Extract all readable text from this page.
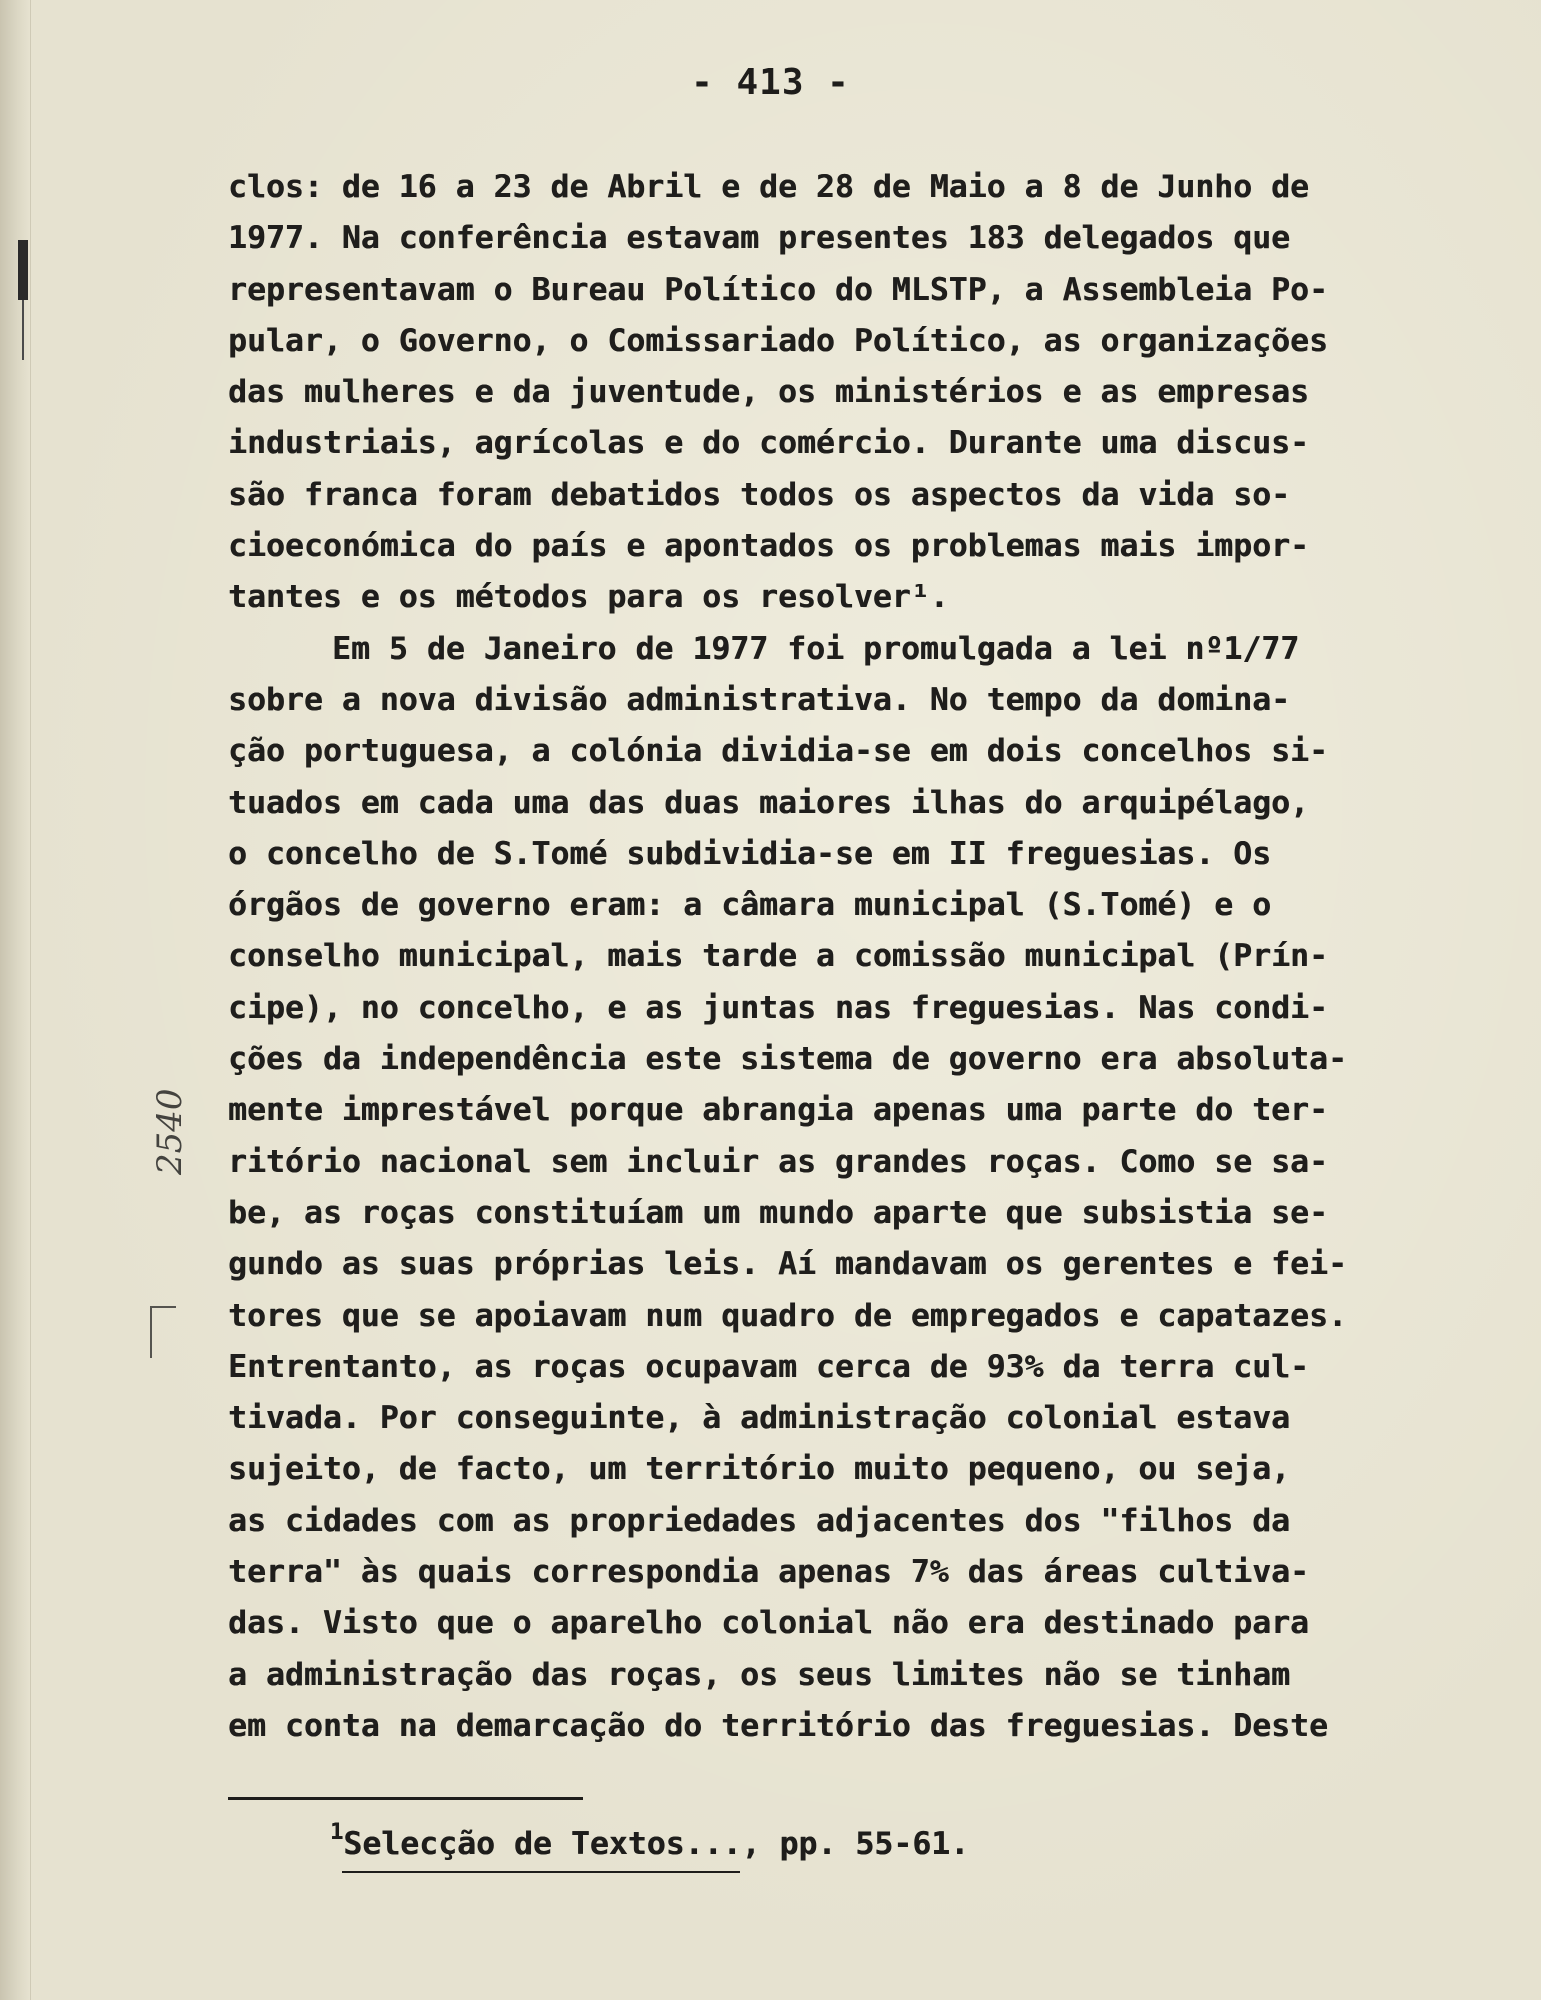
- 413 -
clos: de 16 a 23 de Abril e de 28 de Maio a 8 de Junho de
1977. Na conferência estavam presentes 183 delegados que
representavam o Bureau Político do MLSTP, a Assembleia Po-
pular, o Governo, o Comissariado Político, as organizações
das mulheres e da juventude, os ministérios e as empresas
industriais, agrícolas e do comércio. Durante uma discus-
são franca foram debatidos todos os aspectos da vida so-
cioeconómica do país e apontados os problemas mais impor-
tantes e os métodos para os resolver¹.
Em 5 de Janeiro de 1977 foi promulgada a lei nº1/77
sobre a nova divisão administrativa. No tempo da domina-
ção portuguesa, a colónia dividia-se em dois concelhos si-
tuados em cada uma das duas maiores ilhas do arquipélago,
o concelho de S.Tomé subdividia-se em II freguesias. Os
órgãos de governo eram: a câmara municipal (S.Tomé) e o
conselho municipal, mais tarde a comissão municipal (Prín-
cipe), no concelho, e as juntas nas freguesias. Nas condi-
ções da independência este sistema de governo era absoluta-
mente imprestável porque abrangia apenas uma parte do ter-
ritório nacional sem incluir as grandes roças. Como se sa-
be, as roças constituíam um mundo aparte que subsistia se-
gundo as suas próprias leis. Aí mandavam os gerentes e fei-
tores que se apoiavam num quadro de empregados e capatazes.
Entrentanto, as roças ocupavam cerca de 93% da terra cul-
tivada. Por conseguinte, à administração colonial estava
sujeito, de facto, um território muito pequeno, ou seja,
as cidades com as propriedades adjacentes dos "filhos da
terra" às quais correspondia apenas 7% das áreas cultiva-
das. Visto que o aparelho colonial não era destinado para
a administração das roças, os seus limites não se tinham
em conta na demarcação do território das freguesias. Deste
2540
$^1$Selecção de Textos..., pp. 55-61.
